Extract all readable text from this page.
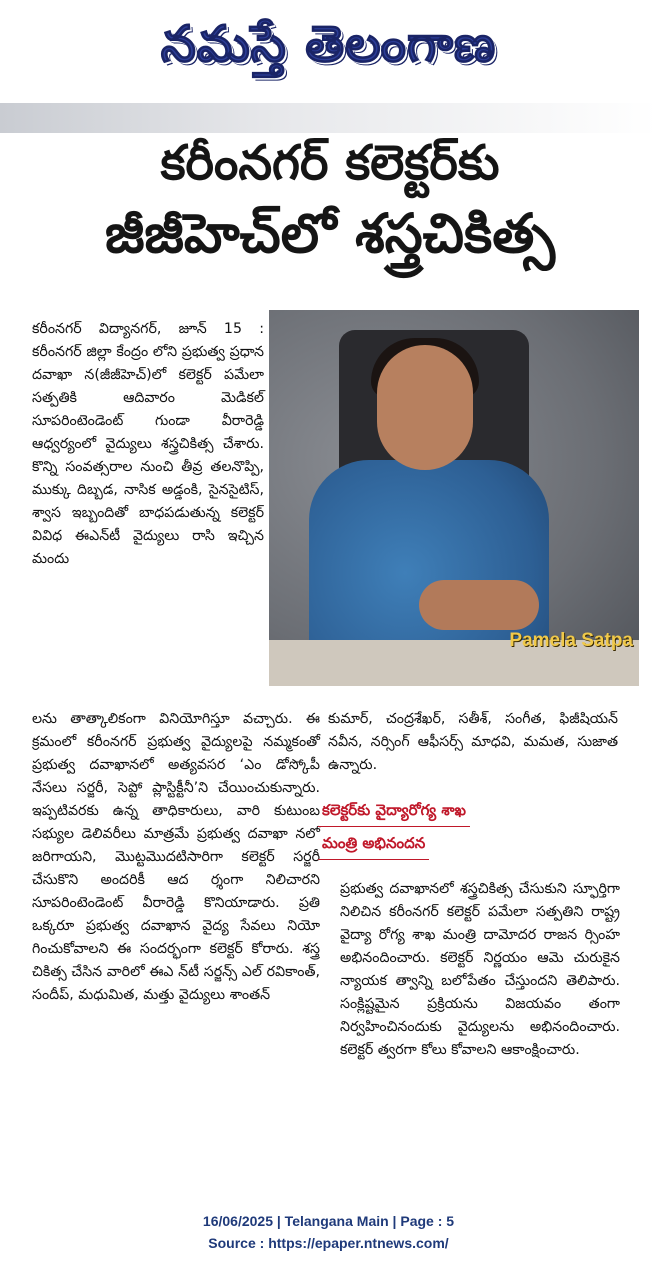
నమస్తే తెలంగాణ
కరీంనగర్ కలెక్టర్‌కు
జీజీహెచ్‌లో శస్త్రచికిత్స

కరీంనగర్ విద్యానగర్, జూన్ 15 : కరీంనగర్ జిల్లా కేంద్రం లోని ప్రభుత్వ ప్రధాన దవాఖా న(జీజీహెచ్)లో కలెక్టర్ పమేలా సత్పతికి ఆదివారం మెడికల్ సూపరింటెండెంట్ గుండా వీరారెడ్డి ఆధ్వర్యంలో వైద్యులు శస్త్రచికిత్స చేశారు. కొన్ని సంవత్సరాల నుంచి తీవ్ర తలనొప్పి, ముక్కు దిబ్బడ, నాసిక అడ్డంకి, సైనసైటిస్, శ్వాస ఇబ్బందితో బాధపడుతున్న కలెక్టర్ వివిధ ఈఎన్‌టీ వైద్యులు రాసి ఇచ్చిన మందు

Pamela Satpa

లను తాత్కాలికంగా వినియోగిస్తూ వచ్చారు. ఈ క్రమంలో కరీంనగర్ ప్రభుత్వ వైద్యులపై నమ్మకంతో ప్రభుత్వ దవాఖానలో అత్యవసర ‘ఎం డోస్కోపీ నేసలు సర్జరీ, సెప్టో ప్లాస్టిక్టీనీ’ని చేయించుకున్నారు. ఇప్పటివరకు ఉన్న తాధికారులు, వారి కుటుంబ సభ్యుల డెలివరీలు మాత్రమే ప్రభుత్వ దవాఖా నలో జరిగాయని, మొట్టమొదటిసారిగా కలెక్టర్ సర్జరీ చేసుకొని అందరికీ ఆద ర్శంగా నిలిచారని సూపరింటెండెంట్ వీరారెడ్డి కొనియాడారు. ప్రతి ఒక్కరూ ప్రభుత్వ దవాఖాన వైద్య సేవలు నియో గించుకోవాలని ఈ సందర్భంగా కలెక్టర్ కోరారు. శస్త్ర చికిత్స చేసిన వారిలో ఈఎ న్‌టీ సర్జన్స్ ఎల్ రవికాంత్, సందీప్, మధుమిత, మత్తు వైద్యులు శాంతన్

కుమార్, చంద్రశేఖర్, సతీశ్, సంగీత, ఫిజీషియన్ నవీన, నర్సింగ్ ఆఫీసర్స్ మాధవి, మమత, సుజాత ఉన్నారు.

కలెక్టర్‌కు వైద్యారోగ్య శాఖ
మంత్రి అభినందన

ప్రభుత్వ దవాఖానలో శస్త్రచికిత్స చేసుకుని స్ఫూర్తిగా నిలిచిన కరీంనగర్ కలెక్టర్ పమేలా సత్పతిని రాష్ట్ర వైద్యా రోగ్య శాఖ మంత్రి దామోదర రాజన ర్సింహ అభినందించారు. కలెక్టర్ నిర్ణయం ఆమె చురుకైన న్యాయక త్వాన్ని బలోపేతం చేస్తుందని తెలిపారు. సంక్లిష్టమైన ప్రక్రియను విజయవం తంగా నిర్వహించినందుకు వైద్యులను అభినందించారు. కలెక్టర్ త్వరగా కోలు కోవాలని ఆకాంక్షించారు.

16/06/2025 | Telangana Main | Page : 5
Source : https://epaper.ntnews.com/
